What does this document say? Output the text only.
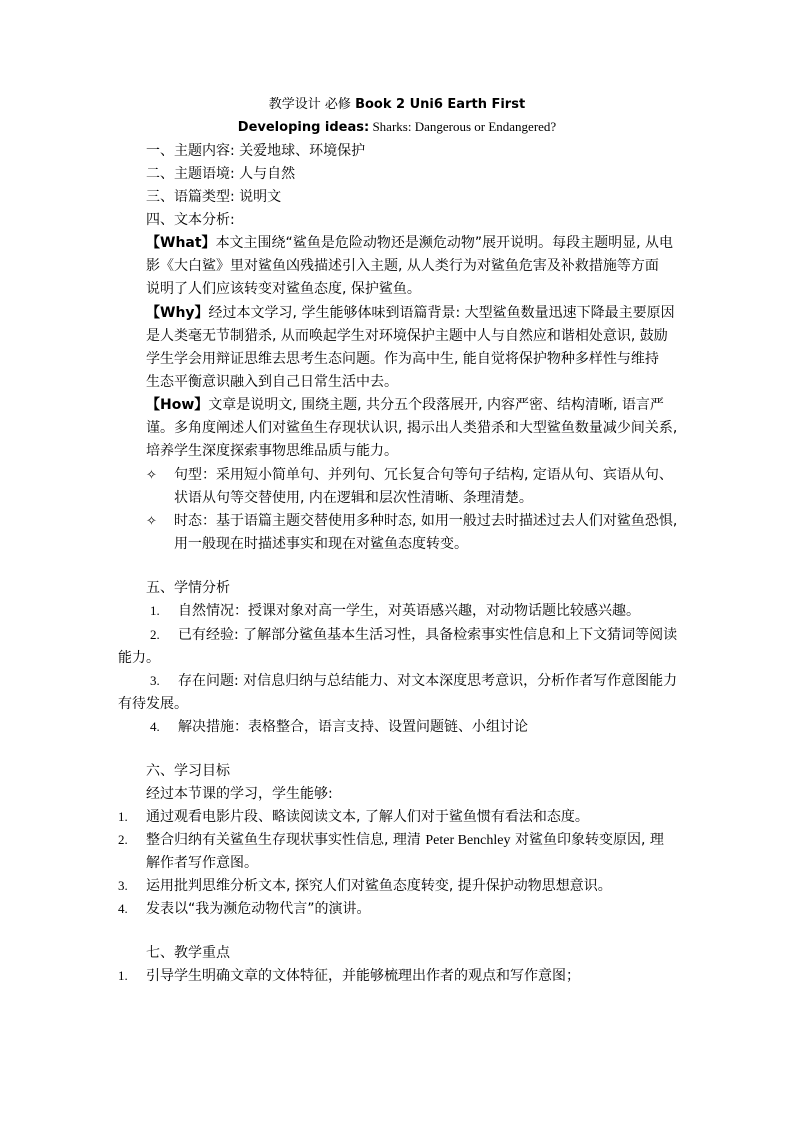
教学设计 必修 Book 2 Uni6 Earth First
Developing ideas: Sharks: Dangerous or Endangered?
一、主题内容: 关爱地球、环境保护
二、主题语境: 人与自然
三、语篇类型: 说明文
四、文本分析:
【What】本文主围绕“鲨鱼是危险动物还是濒危动物”展开说明。每段主题明显, 从电
影《大白鲨》里对鲨鱼凶残描述引入主题, 从人类行为对鲨鱼危害及补救措施等方面
说明了人们应该转变对鲨鱼态度, 保护鲨鱼。
【Why】经过本文学习, 学生能够体味到语篇背景: 大型鲨鱼数量迅速下降最主要原因
是人类毫无节制猎杀, 从而唤起学生对环境保护主题中人与自然应和谐相处意识, 鼓励
学生学会用辩证思维去思考生态问题。作为高中生, 能自觉将保护物种多样性与维持
生态平衡意识融入到自己日常生活中去。
【How】文章是说明文, 围绕主题, 共分五个段落展开, 内容严密、结构清晰, 语言严
谨。多角度阐述人们对鲨鱼生存现状认识, 揭示出人类猎杀和大型鲨鱼数量减少间关系,
培养学生深度探索事物思维品质与能力。
✧ 句型：采用短小简单句、并列句、冗长复合句等句子结构, 定语从句、宾语从句、
状语从句等交替使用, 内在逻辑和层次性清晰、条理清楚。
✧ 时态：基于语篇主题交替使用多种时态, 如用一般过去时描述过去人们对鲨鱼恐惧,
用一般现在时描述事实和现在对鲨鱼态度转变。
五、学情分析
1. 自然情况：授课对象对高一学生，对英语感兴趣，对动物话题比较感兴趣。
2. 已有经验: 了解部分鲨鱼基本生活习性，具备检索事实性信息和上下文猜词等阅读
能力。
3. 存在问题: 对信息归纳与总结能力、对文本深度思考意识，分析作者写作意图能力
有待发展。
4. 解决措施：表格整合，语言支持、设置问题链、小组讨论
六、学习目标
经过本节课的学习，学生能够:
1. 通过观看电影片段、略读阅读文本, 了解人们对于鲨鱼惯有看法和态度。
2. 整合归纳有关鲨鱼生存现状事实性信息, 理清 Peter Benchley 对鲨鱼印象转变原因, 理
解作者写作意图。
3. 运用批判思维分析文本, 探究人们对鲨鱼态度转变, 提升保护动物思想意识。
4. 发表以“我为濒危动物代言”的演讲。
七、教学重点
1. 引导学生明确文章的文体特征，并能够梳理出作者的观点和写作意图；
